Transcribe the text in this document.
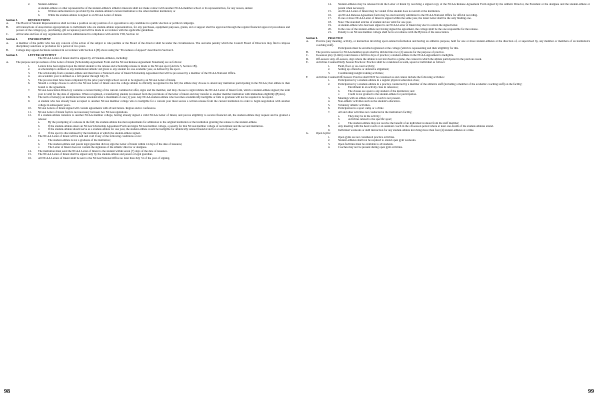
2.	Student-Athletes
A student-athlete or other representative of the student-athlete's athletics interests shall not make contact with another NCAA member school or its representatives, for any reason, unless:
a.	Written authorization is provided by the student-athlete's current institution to the other member institution; or
b.	While the student-athlete is signed to an NCAA Letter of Intent.
Section 3.	RESTRICTIONS
A.	The Board of Student Representatives shall not take a position on any position of or opposition to any candidate in a public election or political campaign.
B.	All transactions of Association appropriations to individuals who are student-athlete representatives, for any purchases, equipment purposes, grants, aid or support shall be approved through the regular financial approval procedures and powers of the college (e.g., purchasing, gift acceptance) and will be made in accordance with the applicable guidelines.
C.	All income and fees of any organization shall be administered in compliance with Article VIII, Section 12.
Section 4.	ENFORCEMENT
A.	A member of the public who has any concern of the action of the subject to rule permits or the Board of the director shall be under the circumstances. The outcome penalty which the Council Board of Directors may find to impose disciplinary sanctions or probation for a period of two years.
B.	College may appeal decisions rendered in accordance with Section 4 (B) above using the "Procedures of Appeal" described in Section 6.
Section 5.	LETTER OF INTENT
The NCAA Letter of Intent shall be signed by all Student-Athletes, including:
A.	The purpose and procedures of the Letter of Intent (Scholarship Agreement Form and the NCAA Release Agreement Statement) are as follows:
1.	Letters have been signed upon the initial student to the release and scholarship release is made to the NCAA sport (Article 5, Section 1B).
2.	A scholarship is defined as any institutional athletic aid given to any student for one academic year, as defined by the sport.
3.	The scholarship from a student-athlete and must have a National Letter of Intent/Scholarship Agreement that will be processed by a member of the NCAA National Office.
4.	An academic year is defined as a fall quarter through July 31.
5.	The process must have been completed by the prior year's high school record to be signed to an NCAA Letter of Intent.
6.	Should a college choose to add to the NCAA Letter of Intent once the college athlete is officially recognized in the fall; the athlete may choose to attend any institution participating in the NCAA; that athlete is then bound to the agreement.
7.	NCAA Association Directory contains a current listing of the current commercial offer, signs and the member, and may choose to sign/validate the NCAA Letter of Intent form, which a student-athlete signed; the term year is valid for the date of signature. When recognized, a transferring student is released from the provisions of the letter of intent and may transfer to another member institution with immediate eligibility (Bylaw).
8.	The term of letter(s) on institutional letter extended after a maximum of one (1) year. Any NCAA student-athlete who becomes academically ineligible or fails to graduate will not be required to be repaid.
9.	A student who has already been accepted to another NCAA member college who is ineligible for a current year must secure a written release from the current institution in order to begin negotiation with another college in subsequent years.
10.	NCAA Letters of Intent signed will contain agreements with all and letters. Region and/or conference.
11.	NCAA Letter of Intent form is not necessary between two NCAA regulations.
12.	If a student-athlete transfers to another NCAA member college, having already signed a valid NCAA Letter of Intent, and proves eligibility to receive financial aid, the student-athlete may request and be granted a release:
a.	By the prompting of a release in the full; the student-athlete has met requirements for admission to the original institution or the institution granting the release to the student-athlete.
b.	If the student-athlete enters an NCAA Scholarship Agreement Form and signs NCAA member college, a penalty for that NCAA member college of recruitment and the second institution.
c.	If the student-athlete should serve as a student-athlete for one year, the student-athlete would be ineligible for athletically related financial aid for a total of one year.
d.	If the sport is discontinued by the institution at which the student-athlete signed.
13.	The NCAA Letter of Intent will be null and void if any of the following conditions occur:
a.	The student-athlete is not a graduate of the institution;
b.	The student-athlete and parent legal guardian did not sign the Letter of Intent within 14 days of the date of issuance;
c.	The Letter of Intent does not contain the signature of the athletic director or designee.
14.	The institution must send the NCAA Letter of Intent to the student within seven (7) days of the date of issuance.
15.	The NCAA Letter of Intent shall be signed only by the student-athlete and parent or legal guardian.
16.	All NCAA Letters of Intent shall be sent to the NCAA National Office no later than July 31 of the year of signing.
98
14.	Student-athletes may be released from the Letter of Intent by receiving a signed copy of the NCAA Release Agreement Form signed by the Athletic Director, the President or the designee and the student-athlete or parent when necessary.
15.	An NCAA Letter of Intent may be voided if the student does not enroll at the institution.
16.	An NCAA Release Agreement form may be electronically submitted to the NCAA National Office for official recording.
17.	If one or more NCAA Letter of Intent is signed within the same year, the latest Letter shall be the only binding one.
18.	Note: The standard articles of student aid are valid for one year.
19.	A student-athlete who has been signed to an NCAA Letter of Intent may elect to return the signed letter.
20.	In the case of the student-athlete not having signed the agreement, the college shall be the one responsible for the release.
21.	Penalty to an NCAA member college shall be in accordance with the Bylaws of the Association.
Section 6.	PRACTICE
A.	Practice (any meeting, activity, or instruction involving sport-related information and having an athletics purpose, held for one or more student-athletes at the direction of, or supervised by, any member or members of an institution's coaching staff).
Participants must be enrolled registered at the college (which is representing and their eligibility for this.
B.	The practice season for NCAA member sports shall be divided into two (2) seasons for the purpose of practice.
C.	In-season play: (Limit) count means a full five days of practice; a student-athlete in the NCAA Agreement is ineligible.
D.	Off-season: Any off-season, days where the athlete is not involved in a game, the contest in which the athlete participated in the previous week.
E.	Activities Counted/Daily Season Practices: Practice shall be considered as team, squad or individual as follows:
1.	Field, floor or on-court activity;
2.	Setting up offensive or defensive alignment;
3.	Conditioning/weight training activities;
F.	Activities Counted/Off-Season: Practice shall NOT be construed as and cannot include the following activities:
1.	Participation by a student-athlete in a regular physical education class;
2.	Participation by a student-athlete in a practice conducted by a member of the athletics staff (including a member of the academic coaching staff) on the facility;
a.	Enrollment in an activity class in reference;
b.	The classes are open to any student of the institution; and
c.	Credit is not granted to the student-athlete for participation.
3.	Meetings with an athlete where a coach is not present.
4.	Non-athletic activities such as the student's education.
5.	Voluntary athletic activities.
6.	Participation in a sport camp or a clinic.
7.	All and other activities not conducted at the institution's facility;
a.	They may be in the activity;
b.	Activities related to the specific sport;
c.	The student-athlete may not receive the benefit of an individual workout from the staff member;
8.	Any meeting with the head coach or an assistant coach in the off-season period where at least one-fourth of the student-athletes attend.
9.	Individual workouts or skill instruction for any student-athlete involving more than four (4) student-athletes at a time.
G.	Open Gyms:
1.	Open gyms are not considered practice activities.
2.	Student-athletes shall not be required to attend open gym workouts.
3.	Open facilities must be available to all students.
4.	Coaches may not be present during open gym activities.
99
